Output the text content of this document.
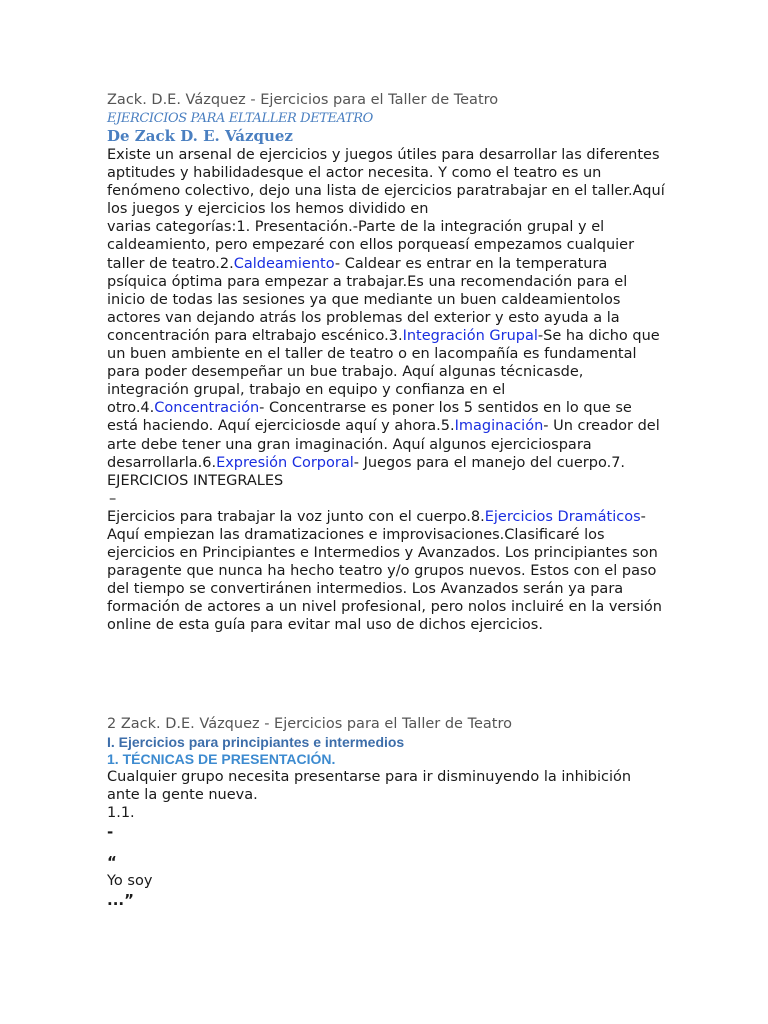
Zack. D.E. Vázquez - Ejercicios para el Taller de Teatro
EJERCICIOS PARA ELTALLER DETEATRO
De Zack D. E. Vázquez
Existe un arsenal de ejercicios y juegos útiles para desarrollar las diferentes aptitudes y habilidadesque el actor necesita. Y como el teatro es un fenómeno colectivo, dejo una lista de ejercicios paratrabajar en el taller.Aquí los juegos y ejercicios los hemos dividido en
varias categorías:1. Presentación.-Parte de la integración grupal y el caldeamiento, pero empezaré con ellos porqueasí empezamos cualquier taller de teatro.2.Caldeamiento- Caldear es entrar en la temperatura psíquica óptima para empezar a trabajar.Es una recomendación para el inicio de todas las sesiones ya que mediante un buen caldeamientolos actores van dejando atrás los problemas del exterior y esto ayuda a la concentración para eltrabajo escénico.3.Integración Grupal-Se ha dicho que un buen ambiente en el taller de teatro o en lacompañía es fundamental para poder desempeñar un bue trabajo. Aquí algunas técnicasde, integración grupal, trabajo en equipo y confianza en el otro.4.Concentración- Concentrarse es poner los 5 sentidos en lo que se está haciendo. Aquí ejerciciosde aquí y ahora.5.Imaginación- Un creador del arte debe tener una gran imaginación. Aquí algunos ejerciciospara desarrollarla.6.Expresión Corporal- Juegos para el manejo del cuerpo.7. EJERCICIOS INTEGRALES
–
Ejercicios para trabajar la voz junto con el cuerpo.8.Ejercicios Dramáticos- Aquí empiezan las dramatizaciones e improvisaciones.Clasificaré los ejercicios en Principiantes e Intermedios y Avanzados. Los principiantes son paragente que nunca ha hecho teatro y/o grupos nuevos. Estos con el paso del tiempo se convertiránen intermedios. Los Avanzados serán ya para formación de actores a un nivel profesional, pero nolos incluiré en la versión online de esta guía para evitar mal uso de dichos ejercicios.
2 Zack. D.E. Vázquez - Ejercicios para el Taller de Teatro
I. Ejercicios para principiantes e intermedios
1. TÉCNICAS DE PRESENTACIÓN.
Cualquier grupo necesita presentarse para ir disminuyendo la inhibición ante la gente nueva.
1.1.
-
“
Yo soy
...”
